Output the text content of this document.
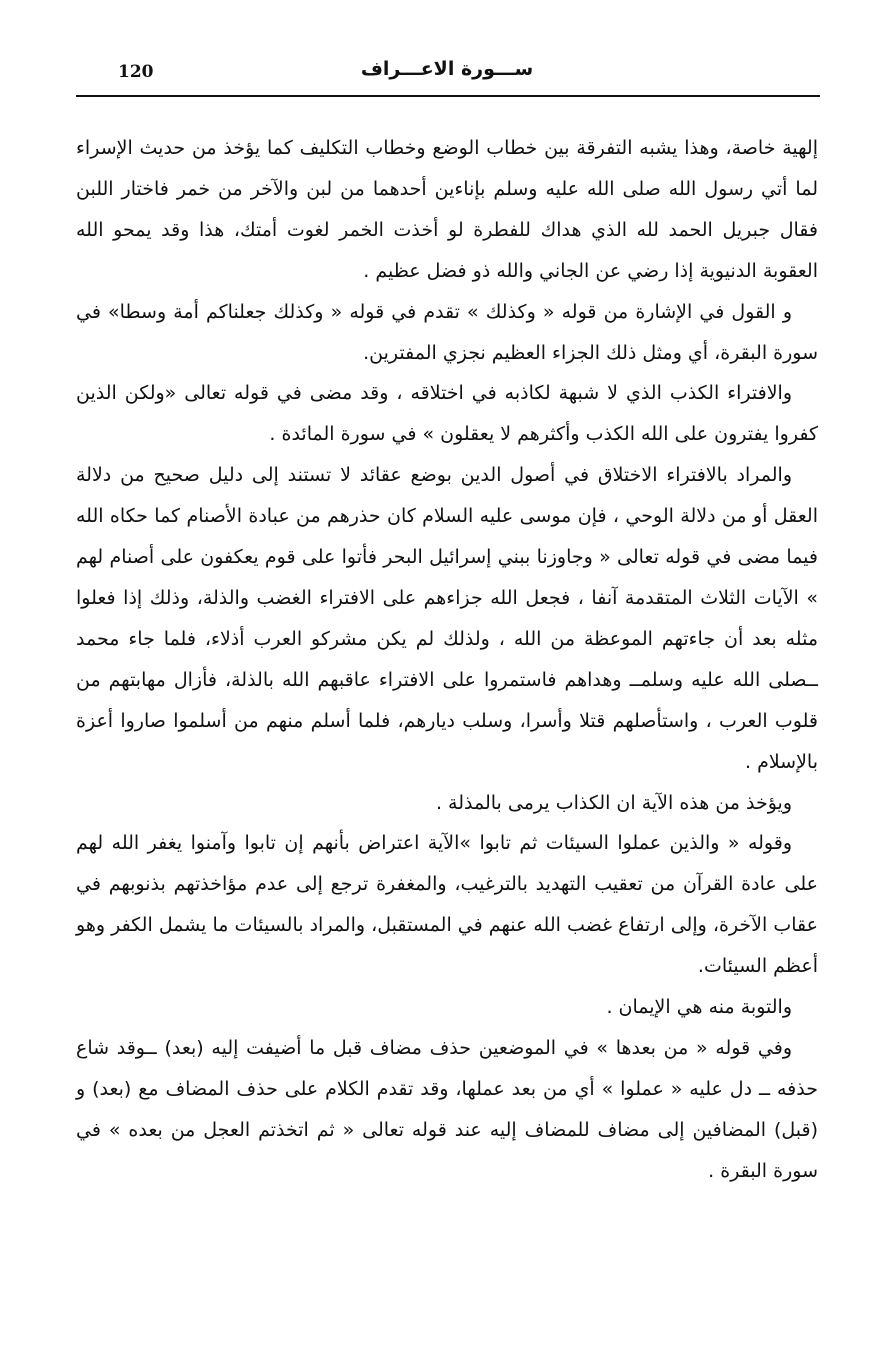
120	ســـورة الاعـــراف

إلهية خاصة، وهذا يشبه التفرقة بين خطاب الوضع وخطاب التكليف كما يؤخذ من حديث الإسراء لما أتي رسول الله صلى الله عليه وسلم بإناءين أحدهما من لبن والآخر من خمر فاختار اللبن فقال جبريل الحمد لله الذي هداك للفطرة لو أخذت الخمر لغوت أمتك، هذا وقد يمحو الله العقوبة الدنيوية إذا رضي عن الجاني والله ذو فضل عظيم .

و القول في الإشارة من قوله « وكذلك » تقدم في قوله « وكذلك جعلناكم أمة وسطا» في سورة البقرة، أي ومثل ذلك الجزاء العظيم نجزي المفترين.

والافتراء الكذب الذي لا شبهة لكاذبه في اختلاقه ، وقد مضى في قوله تعالى «ولكن الذين كفروا يفترون على الله الكذب وأكثرهم لا يعقلون » في سورة المائدة .

والمراد بالافتراء الاختلاق في أصول الدين بوضع عقائد لا تستند إلى دليل صحيح من دلالة العقل أو من دلالة الوحي ، فإن موسى عليه السلام كان حذرهم من عبادة الأصنام كما حكاه الله فيما مضى في قوله تعالى « وجاوزنا ببني إسرائيل البحر فأتوا على قوم يعكفون على أصنام لهم » الآيات الثلاث المتقدمة آنفا ، فجعل الله جزاءهم على الافتراء الغضب والذلة، وذلك إذا فعلوا مثله بعد أن جاءتهم الموعظة من الله ، ولذلك لم يكن مشركو العرب أذلاء، فلما جاء محمد ــصلى الله عليه وسلمــ وهداهم فاستمروا على الافتراء عاقبهم الله بالذلة، فأزال مهابتهم من قلوب العرب ، واستأصلهم قتلا وأسرا، وسلب ديارهم، فلما أسلم منهم من أسلموا صاروا أعزة بالإسلام .

ويؤخذ من هذه الآية ان الكذاب يرمى بالمذلة .

وقوله « والذين عملوا السيئات ثم تابوا »الآية اعتراض بأنهم إن تابوا وآمنوا يغفر الله لهم على عادة القرآن من تعقيب التهديد بالترغيب، والمغفرة ترجع إلى عدم مؤاخذتهم بذنوبهم في عقاب الآخرة، وإلى ارتفاع غضب الله عنهم في المستقبل، والمراد بالسيئات ما يشمل الكفر وهو أعظم السيئات.

والتوبة منه هي الإيمان .

وفي قوله « من بعدها » في الموضعين حذف مضاف قبل ما أضيفت إليه (بعد) ــوقد شاع حذفه ــ دل عليه « عملوا » أي من بعد عملها، وقد تقدم الكلام على حذف المضاف مع (بعد) و (قبل) المضافين إلى مضاف للمضاف إليه عند قوله تعالى « ثم اتخذتم العجل من بعده » في سورة البقرة .
